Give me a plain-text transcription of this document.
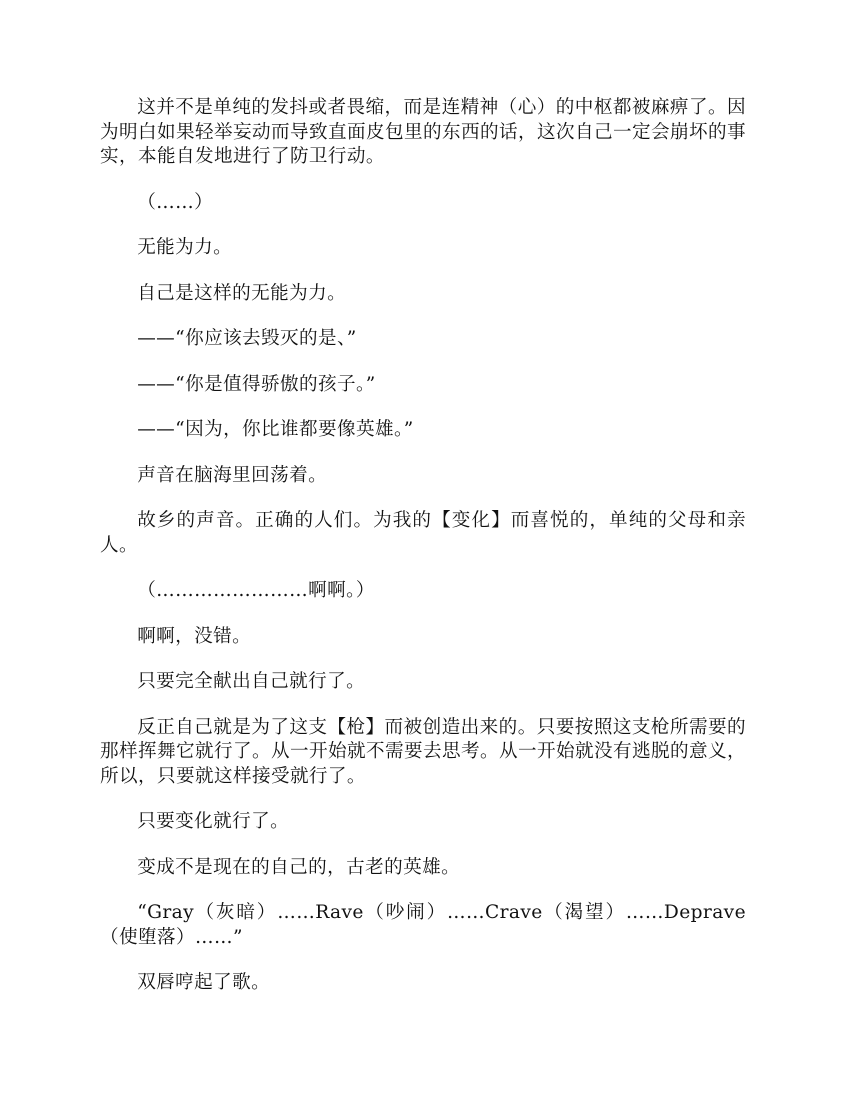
这并不是单纯的发抖或者畏缩，而是连精神（心）的中枢都被麻痹了。因为明白如果轻举妄动而导致直面皮包里的东西的话，这次自己一定会崩坏的事实，本能自发地进行了防卫行动。

（……）

无能为力。

自己是这样的无能为力。

——“你应该去毁灭的是、”

——“你是值得骄傲的孩子。”

——“因为，你比谁都要像英雄。”

声音在脑海里回荡着。

故乡的声音。正确的人们。为我的【变化】而喜悦的，单纯的父母和亲人。

（……………………啊啊。）

啊啊，没错。

只要完全献出自己就行了。

反正自己就是为了这支【枪】而被创造出来的。只要按照这支枪所需要的那样挥舞它就行了。从一开始就不需要去思考。从一开始就没有逃脱的意义，所以，只要就这样接受就行了。

只要变化就行了。

变成不是现在的自己的，古老的英雄。

“Gray（灰暗）……Rave（吵闹）……Crave（渴望）……Deprave（使堕落）……”

双唇哼起了歌。
